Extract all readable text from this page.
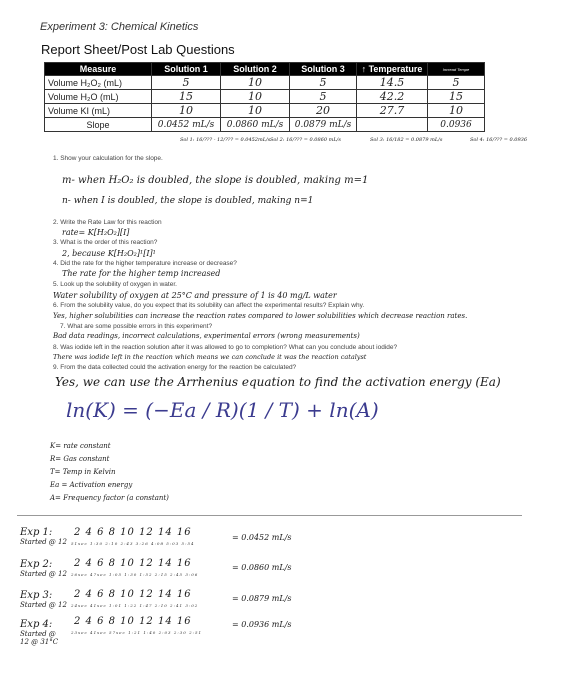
Experiment 3: Chemical Kinetics
Report Sheet/Post Lab Questions
Measure	Solution 1	Solution 2	Solution 3	↑ Temperature	Incread Tempe
Volume H₂O₂ (mL)	5	10	5	14.5	5
Volume H₂O (mL)	15	10	5	42.2	15
Volume KI (mL)	10	10	20	27.7	10
Slope	0.0452 mL/s	0.0860 mL/s	0.0879 mL/s		0.0936
Sol 1: 16/??? - 12/??? = 0.0452mL/s Sol 2: 16/??? = 0.0860 mL/s	Sol 3: 16/182 = 0.0879 mL/s	Sol 4: 16/??? = 0.0936
1. Show your calculation for the slope.
m- when H₂O₂ is doubled, the slope is doubled, making m=1
n- when I is doubled, the slope is doubled, making n=1
2. Write the Rate Law for this reaction
rate= K[H₂O₂][I]
3. What is the order of this reaction?
2, because K[H₂O₂]¹[I]¹
4. Did the rate for the higher temperature increase or decrease?
The rate for the higher temp increased
5. Look up the solubility of oxygen in water.
Water solubility of oxygen at 25°C and pressure of 1 is 40 mg/L water
6. From the solubility value, do you expect that its solubility can affect the experimental results? Explain why.
Yes, higher solubilities can increase the reaction rates compared to lower solubilities which decrease reaction rates.
7. What are some possible errors in this experiment?
Bad data readings, incorrect calculations, experimental errors (wrong measurements)
8. Was iodide left in the reaction solution after it was allowed to go to completion? What can you conclude about iodide?
There was iodide left in the reaction which means we can conclude it was the reaction catalyst
9. From the data collected could the activation energy for the reaction be calculated?
Yes, we can use the Arrhenius equation to find the activation energy (Ea)
ln(K) = (−Ea / R)(1 / T) + ln(A)
K= rate constant
R= Gas constant
T= Temp in Kelvin
Ea = Activation energy
A= Frequency factor (a constant)
Exp 1:
Started @ 12
2 4 6 8 10 12 14 16
51sec 1:30 2:10 2:43 3:26 4:08 5:03 5:54
= 0.0452 mL/s
Exp 2:
Started @ 12
2 4 6 8 10 12 14 16
26sec 47sec 1:05 1:30 1:52 2:15 2:45 3:06
= 0.0860 mL/s
Exp 3:
Started @ 12
2 4 6 8 10 12 14 16
24sec 41sec 1:01 1:22 1:47 2:10 2:41 3:02
= 0.0879 mL/s
Exp 4:
Started @ 12 @ 31°C
2 4 6 8 10 12 14 16
23sec 41sec 57sec 1:21 1:40 2:03 2:30 2:51
= 0.0936 mL/s
